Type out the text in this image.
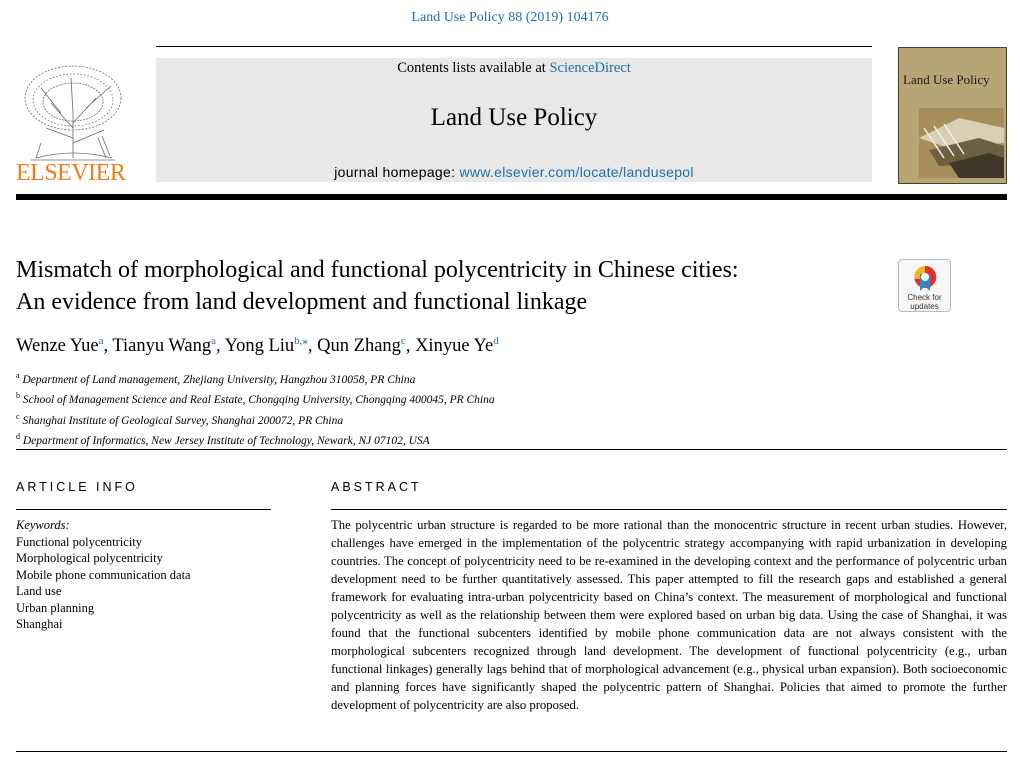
Land Use Policy 88 (2019) 104176
ELSEVIER
Contents lists available at ScienceDirect
Land Use Policy
journal homepage: www.elsevier.com/locate/landusepol
Land Use Policy
Mismatch of morphological and functional polycentricity in Chinese cities:
An evidence from land development and functional linkage	Check for
updates
Wenze Yue$^a$, Tianyu Wang$^a$, Yong Liu$^{b,⁎}$, Qun Zhang$^c$, Xinyue Ye$^d$
$^a$ Department of Land management, Zhejiang University, Hangzhou 310058, PR China
$^b$ School of Management Science and Real Estate, Chongqing University, Chongqing 400045, PR China
$^c$ Shanghai Institute of Geological Survey, Shanghai 200072, PR China
$^d$ Department of Informatics, New Jersey Institute of Technology, Newark, NJ 07102, USA
ARTICLE INFO	ABSTRACT
Keywords:
Functional polycentricity
Morphological polycentricity
Mobile phone communication data
Land use
Urban planning
Shanghai
The polycentric urban structure is regarded to be more rational than the monocentric structure in recent urban studies. However, challenges have emerged in the implementation of the polycentric strategy accompanying with rapid urbanization in developing countries. The concept of polycentricity need to be re-examined in the developing context and the performance of polycentric urban development need to be further quantitatively assessed. This paper attempted to fill the research gaps and established a general framework for evaluating intra-urban polycentricity based on China’s context. The measurement of morphological and functional polycentricity as well as the relationship between them were explored based on urban big data. Using the case of Shanghai, it was found that the functional subcenters identified by mobile phone communication data are not always consistent with the morphological subcenters recognized through land development. The development of functional polycentricity (e.g., urban functional linkages) generally lags behind that of morphological advancement (e.g., physical urban expansion). Both socioeconomic and planning forces have significantly shaped the polycentric pattern of Shanghai. Policies that aimed to promote the further development of polycentricity are also proposed.
